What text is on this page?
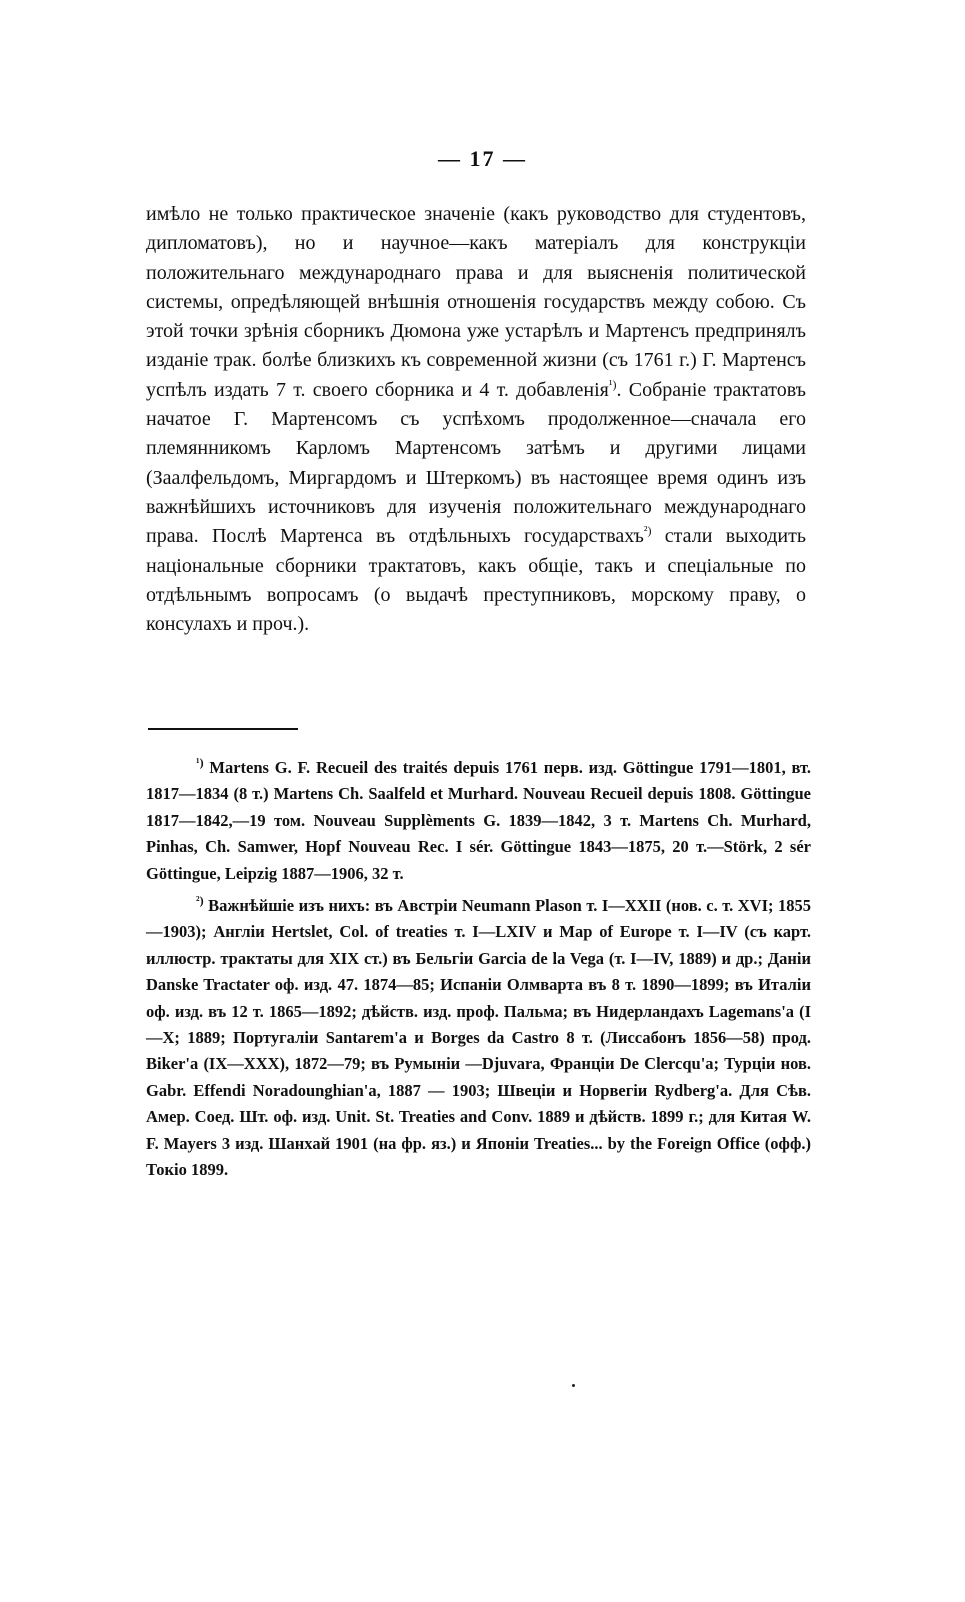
— 17 —
имѣло не только практическое значеніе (какъ руководство для студентовъ, дипломатовъ), но и научное—какъ матеріалъ для конструкціи положительнаго международнаго права и для выясненія политической системы, опредѣляющей внѣшнія отношенія государствъ между собою. Съ этой точки зрѣнія сборникъ Дюмона уже устарѣлъ и Мартенсъ предпринялъ изданіе трак. болѣе близкихъ къ современной жизни (съ 1761 г.) Г. Мартенсъ успѣлъ издать 7 т. своего сборника и 4 т. добавленія$^{^1)}$. Собраніе трактатовъ начатое Г. Мартенсомъ съ успѣхомъ продолженное—сначала его племянникомъ Карломъ Мартенсомъ затѣмъ и другими лицами (Заалфельдомъ, Миргардомъ и Штеркомъ) въ настоящее время одинъ изъ важнѣйшихъ источниковъ для изученія положительнаго международнаго права. Послѣ Мартенса въ отдѣльныхъ государствахъ$^{^2)}$ стали выходить національные сборники трактатовъ, какъ общіе, такъ и спеціальные по отдѣльнымъ вопросамъ (о выдачѣ преступниковъ, морскому праву, о консулахъ и проч.).

$^{^1)}$ Martens G. F. Recueil des traités depuis 1761 перв. изд. Göttingue 1791—1801, вт. 1817—1834 (8 т.) Martens Ch. Saalfeld et Murhard. Nouveau Recueil depuis 1808. Göttingue 1817—1842,—19 том. Nouveau Supplèments G. 1839—1842, 3 т. Martens Ch. Murhard, Pinhas, Ch. Samwer, Hopf Nouveau Rec. I sér. Göttingue 1843—1875, 20 т.—Störk, 2 sér Göttingue, Leipzig 1887—1906, 32 т.

$^{^2)}$ Важнѣйшіе изъ нихъ: въ Австріи Neumann Plason т. I—XXII (нов. с. т. XVI; 1855—1903); Англіи Hertslet, Col. of treaties т. I—LXIV и Map of Europe т. I—IV (съ карт. иллюстр. трактаты для XIX ст.) въ Бельгіи Garcia de la Vega (т. I—IV, 1889) и др.; Даніи Danske Tractater оф. изд. 47. 1874—85; Испаніи Олмварта въ 8 т. 1890—1899; въ Италіи оф. изд. въ 12 т. 1865—1892; дѣйств. изд. проф. Пальма; въ Нидерландахъ Lagemans'a (I—X; 1889; Португаліи Santarem'a и Borges da Castro 8 т. (Лиссабонъ 1856—58) прод. Biker'a (IX—XXX), 1872—79; въ Румыніи —Djuvara, Франціи De Clercqu'a; Турціи нов. Gabr. Effendi Noradounghian'a, 1887 — 1903; Швеціи и Норвегіи Rydberg'a. Для Сѣв. Амер. Соед. Шт. оф. изд. Unit. St. Treaties and Conv. 1889 и дѣйств. 1899 г.; для Китая W. F. Mayers 3 изд. Шанхай 1901 (на фр. яз.) и Японіи Treaties... by the Foreign Office (офф.) Токіо 1899.
